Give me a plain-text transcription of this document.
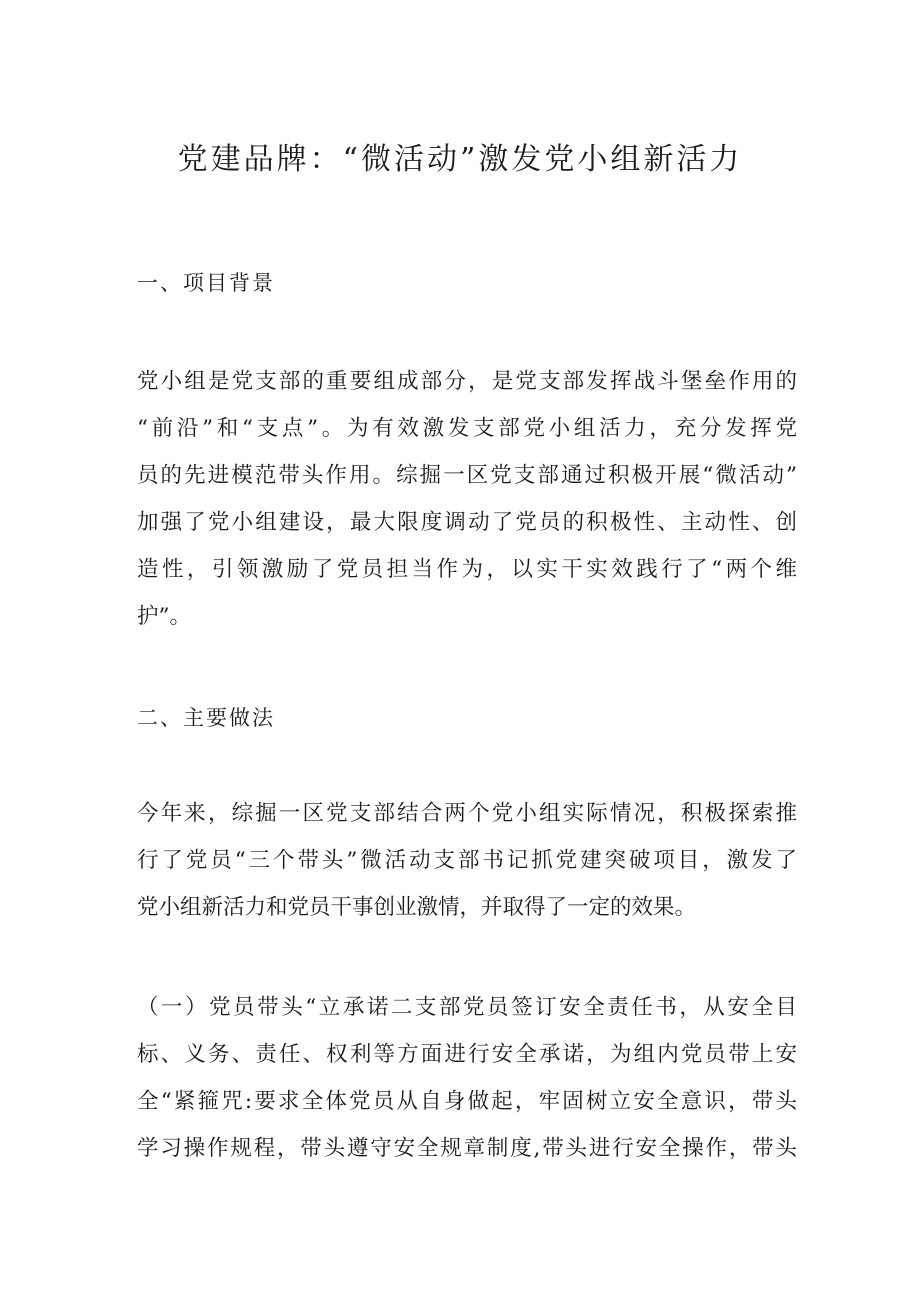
党建品牌：“微活动”激发党小组新活力
一、项目背景
党小组是党支部的重要组成部分，是党支部发挥战斗堡垒作用的
“前沿”和“支点”。为有效激发支部党小组活力，充分发挥党
员的先进模范带头作用。综掘一区党支部通过积极开展“微活动”
加强了党小组建设，最大限度调动了党员的积极性、主动性、创
造性，引领激励了党员担当作为，以实干实效践行了“两个维
护”。
二、主要做法
今年来，综掘一区党支部结合两个党小组实际情况，积极探索推
行了党员“三个带头”微活动支部书记抓党建突破项目，激发了
党小组新活力和党员干事创业激情，并取得了一定的效果。
（一）党员带头“立承诺二支部党员签订安全责任书，从安全目
标、义务、责任、权利等方面进行安全承诺，为组内党员带上安
全“紧箍咒:要求全体党员从自身做起，牢固树立安全意识，带头
学习操作规程，带头遵守安全规章制度,带头进行安全操作，带头
